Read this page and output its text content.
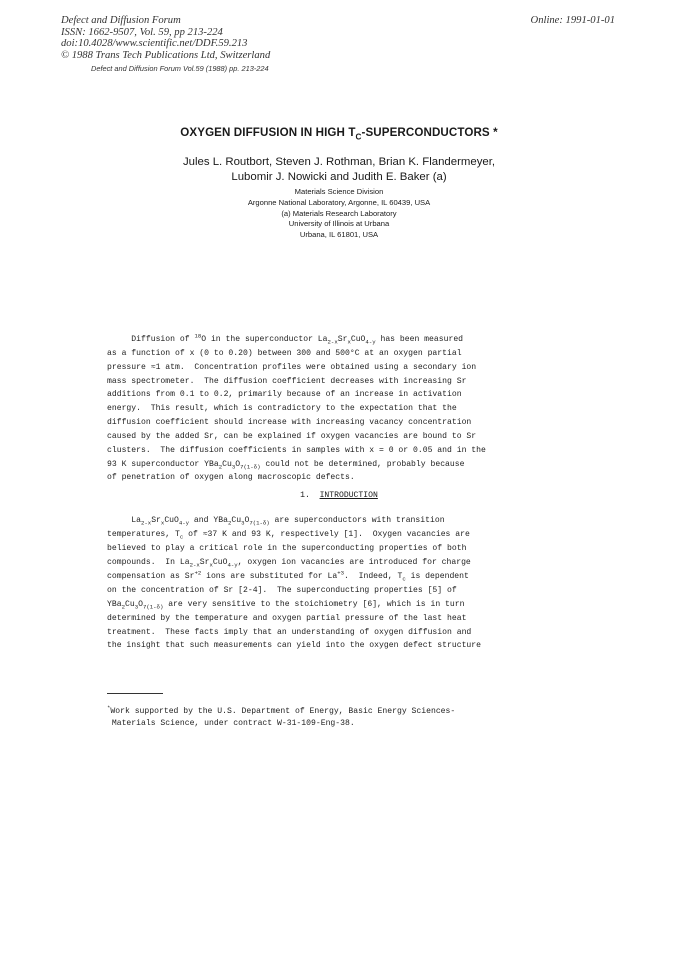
Defect and Diffusion Forum
ISSN: 1662-9507, Vol. 59, pp 213-224
doi:10.4028/www.scientific.net/DDF.59.213
© 1988 Trans Tech Publications Ltd, Switzerland
Online: 1991-01-01
Defect and Diffusion Forum Vol.59 (1988) pp. 213-224
OXYGEN DIFFUSION IN HIGH $T_C$-SUPERCONDUCTORS *
Jules L. Routbort, Steven J. Rothman, Brian K. Flandermeyer,
Lubomir J. Nowicki and Judith E. Baker (a)
Materials Science Division
Argonne National Laboratory, Argonne, IL 60439, USA
(a) Materials Research Laboratory
University of Illinois at Urbana
Urbana, IL 61801, USA
Diffusion of $^{18}$O in the superconductor $La_{2-x}Sr_xCuO_{4-y}$ has been measured
as a function of x (0 to 0.20) between 300 and 500°C at an oxygen partial
pressure ≈1 atm.  Concentration profiles were obtained using a secondary ion
mass spectrometer.  The diffusion coefficient decreases with increasing Sr
additions from 0.1 to 0.2, primarily because of an increase in activation
energy.  This result, which is contradictory to the expectation that the
diffusion coefficient should increase with increasing vacancy concentration
caused by the added Sr, can be explained if oxygen vacancies are bound to Sr
clusters.  The diffusion coefficients in samples with x = 0 or 0.05 and in the
93 K superconductor $YBa_2Cu_3O_{7(1-\delta)}$ could not be determined, probably because
of penetration of oxygen along macroscopic defects.
1. INTRODUCTION
$La_{2-x}Sr_xCuO_{4-y}$ and $YBa_2Cu_3O_{7(1-\delta)}$ are superconductors with transition
temperatures, $T_c$ of ≈37 K and 93 K, respectively [1].  Oxygen vacancies are
believed to play a critical role in the superconducting properties of both
compounds.  In $La_{2-x}Sr_xCuO_{4-y}$, oxygen ion vacancies are introduced for charge
compensation as $Sr^{+2}$ ions are substituted for $La^{+3}$.  Indeed, $T_c$ is dependent
on the concentration of Sr [2-4].  The superconducting properties [5] of
$YBa_2Cu_3O_{7(1-\delta)}$ are very sensitive to the stoichiometry [6], which is in turn
determined by the temperature and oxygen partial pressure of the last heat
treatment.  These facts imply that an understanding of oxygen diffusion and
the insight that such measurements can yield into the oxygen defect structure
*Work supported by the U.S. Department of Energy, Basic Energy Sciences-
Materials Science, under contract W-31-109-Eng-38.
